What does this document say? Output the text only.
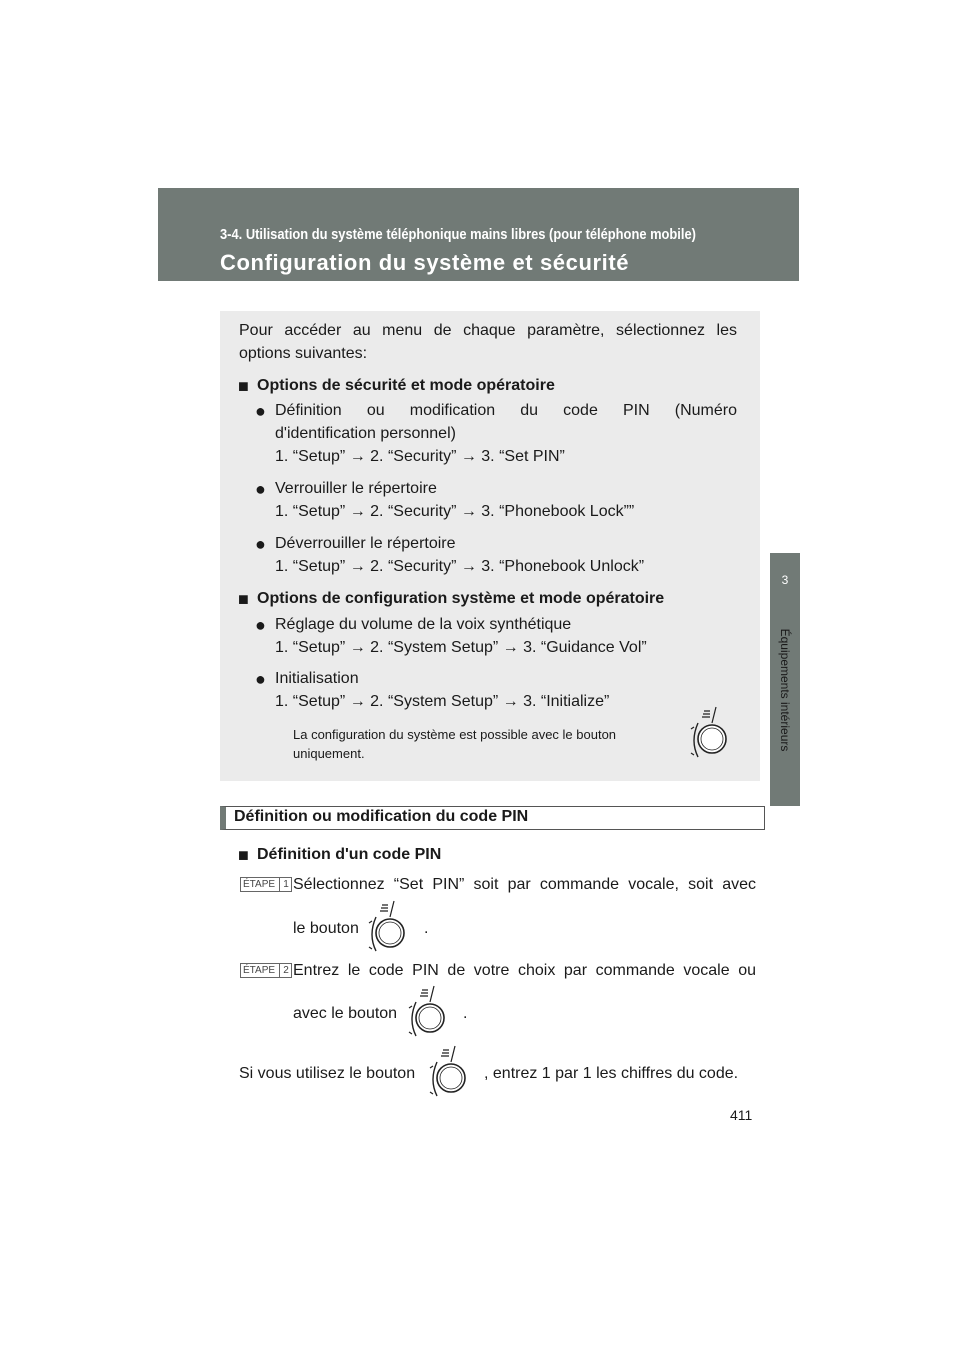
3-4. Utilisation du système téléphonique mains libres (pour téléphone mobile)
Configuration du système et sécurité
3
Équipements intérieurs
Pour accéder au menu de chaque paramètre, sélectionnez les
options suivantes:
■ Options de sécurité et mode opératoire
● Définition ou modification du code PIN (Numéro
d'identification personnel)
1. “Setup” → 2. “Security” → 3. “Set PIN”
● Verrouiller le répertoire
1. “Setup” → 2. “Security” → 3. “Phonebook Lock””
● Déverrouiller le répertoire
1. “Setup” → 2. “Security” → 3. “Phonebook Unlock”
■ Options de configuration système et mode opératoire
● Réglage du volume de la voix synthétique
1. “Setup” → 2. “System Setup” → 3. “Guidance Vol”
● Initialisation
1. “Setup” → 2. “System Setup” → 3. “Initialize”
La configuration du système est possible avec le bouton
uniquement.
Définition ou modification du code PIN
■ Définition d'un code PIN
ÉTAPE 1 Sélectionnez “Set PIN” soit par commande vocale, soit avec
le bouton	.
ÉTAPE 2 Entrez le code PIN de votre choix par commande vocale ou
avec le bouton	.
Si vous utilisez le bouton	, entrez 1 par 1 les chiffres du code.
411
